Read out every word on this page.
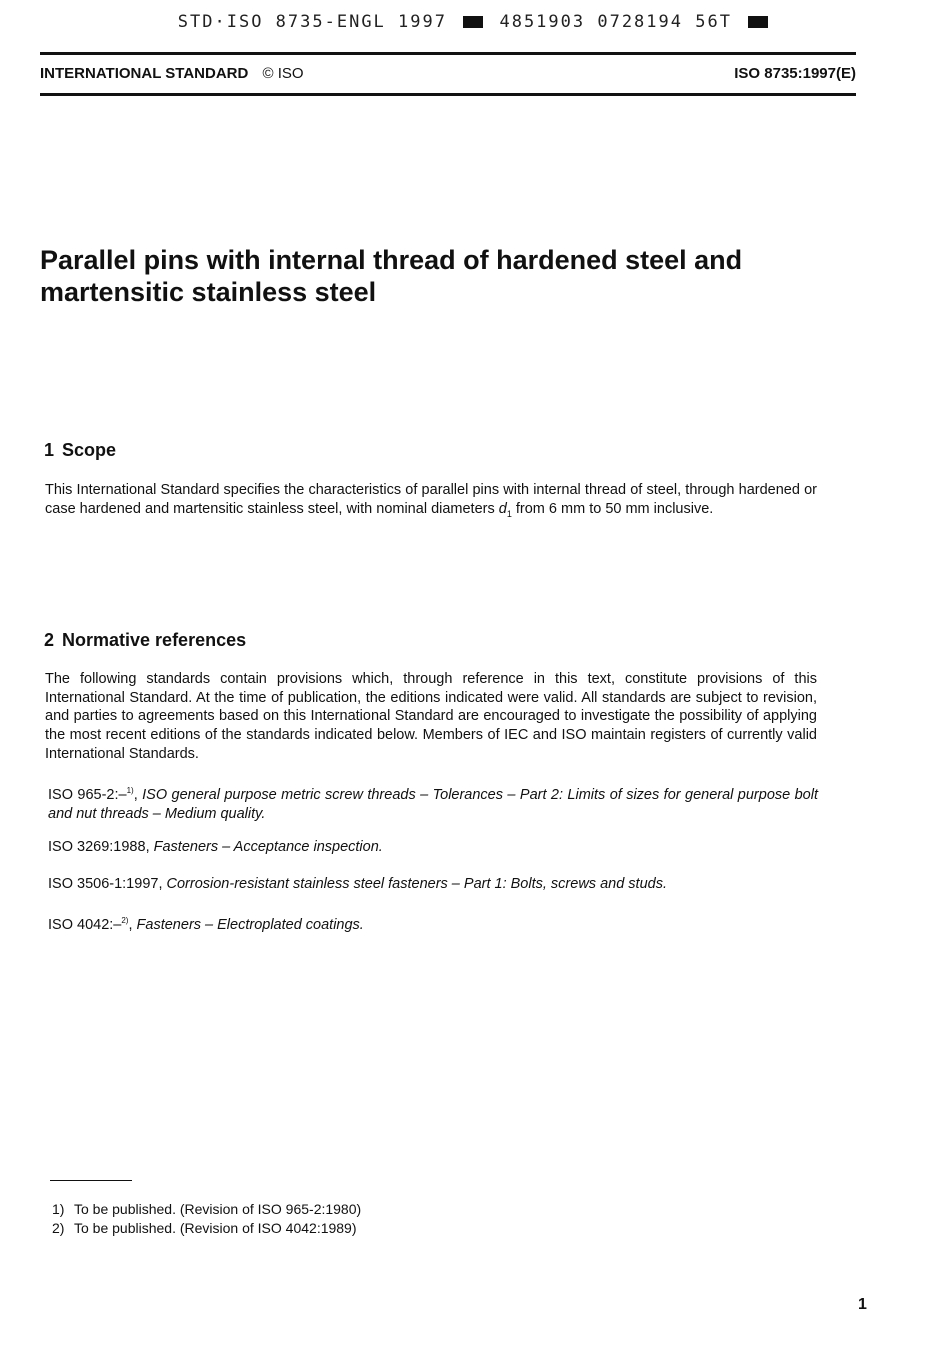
STD·ISO 8735-ENGL 1997	4851903 0728194 56T
INTERNATIONAL STANDARD © ISO	ISO 8735:1997(E)
Parallel pins with internal thread of hardened steel and martensitic stainless steel
1 Scope
This International Standard specifies the characteristics of parallel pins with internal thread of steel, through hardened or case hardened and martensitic stainless steel, with nominal diameters $d_1$ from 6 mm to 50 mm inclusive.
2 Normative references
The following standards contain provisions which, through reference in this text, constitute provisions of this International Standard. At the time of publication, the editions indicated were valid. All standards are subject to revision, and parties to agreements based on this International Standard are encouraged to investigate the possibility of applying the most recent editions of the standards indicated below. Members of IEC and ISO maintain registers of currently valid International Standards.
ISO 965-2:–$^{1)}$, ISO general purpose metric screw threads – Tolerances – Part 2: Limits of sizes for general purpose bolt and nut threads – Medium quality.
ISO 3269:1988, Fasteners – Acceptance inspection.
ISO 3506-1:1997, Corrosion-resistant stainless steel fasteners – Part 1: Bolts, screws and studs.
ISO 4042:–$^{2)}$, Fasteners – Electroplated coatings.
1) To be published. (Revision of ISO 965-2:1980)
2) To be published. (Revision of ISO 4042:1989)
1
